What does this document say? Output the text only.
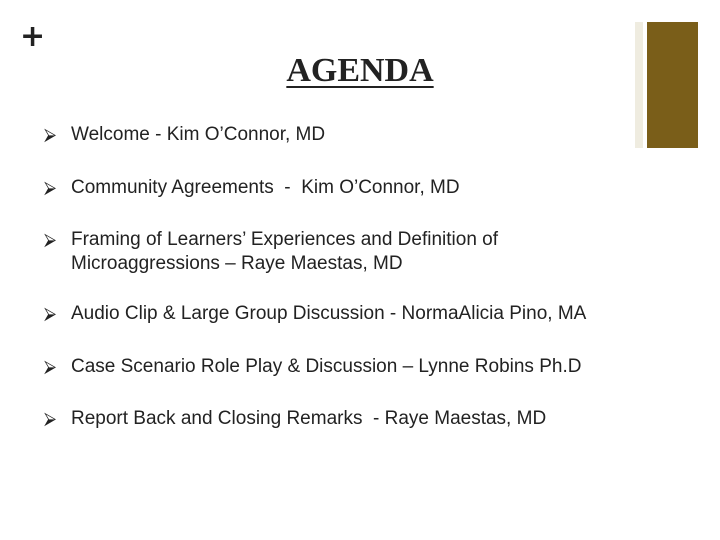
+
AGENDA
⮚ Welcome - Kim O’Connor, MD
⮚ Community Agreements  -  Kim O’Connor, MD
⮚ Framing of Learners’ Experiences and Definition of
Microaggressions – Raye Maestas, MD
⮚ Audio Clip & Large Group Discussion - NormaAlicia Pino, MA
⮚ Case Scenario Role Play & Discussion – Lynne Robins Ph.D
⮚ Report Back and Closing Remarks  - Raye Maestas, MD
